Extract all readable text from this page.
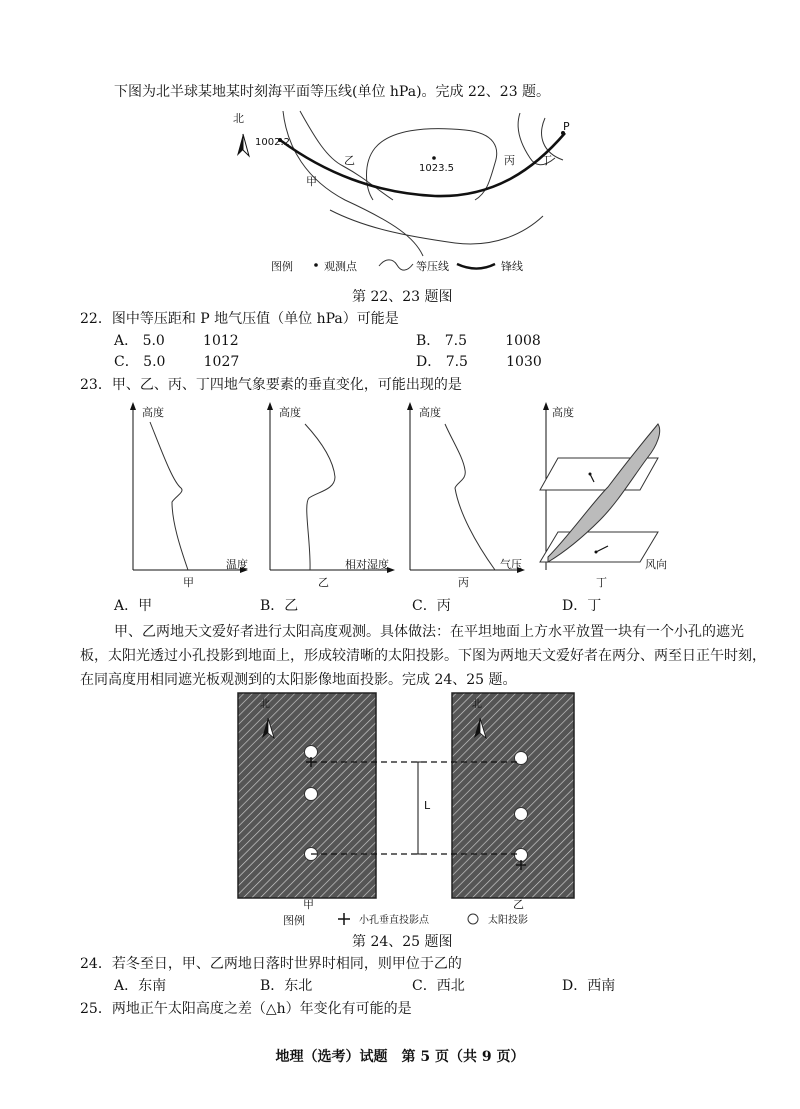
下图为北半球某地某时刻海平面等压线(单位 hPa)。完成 22、23 题。
北
P
1002.2
1023.5
甲
乙	丙 丁
图例	观测点	等压线	锋线
第 22、23 题图
22．图中等压距和 P 地气压值（单位 hPa）可能是
A． 5.0	1012	B． 7.5	1008
C． 5.0	1027	D． 7.5	1030
23．甲、乙、丙、丁四地气象要素的垂直变化，可能出现的是
高度
温度
甲
高度
相对湿度
乙
高度
气压
丙
高度
风向
丁
A．甲	B．乙	C．丙	D．丁
甲、乙两地天文爱好者进行太阳高度观测。具体做法：在平坦地面上方水平放置一块有一个小孔的遮光板，太阳光透过小孔投影到地面上，形成较清晰的太阳投影。下图为两地天文爱好者在两分、两至日正午时刻，在同高度用相同遮光板观测到的太阳影像地面投影。完成 24、25 题。
北	北
L
甲	乙
图例	小孔垂直投影点	太阳投影
第 24、25 题图
24．若冬至日，甲、乙两地日落时世界时相同，则甲位于乙的
A．东南	B．东北	C．西北	D．西南
25．两地正午太阳高度之差（△h）年变化有可能的是
地理（选考）试题　第 5 页（共 9 页）
